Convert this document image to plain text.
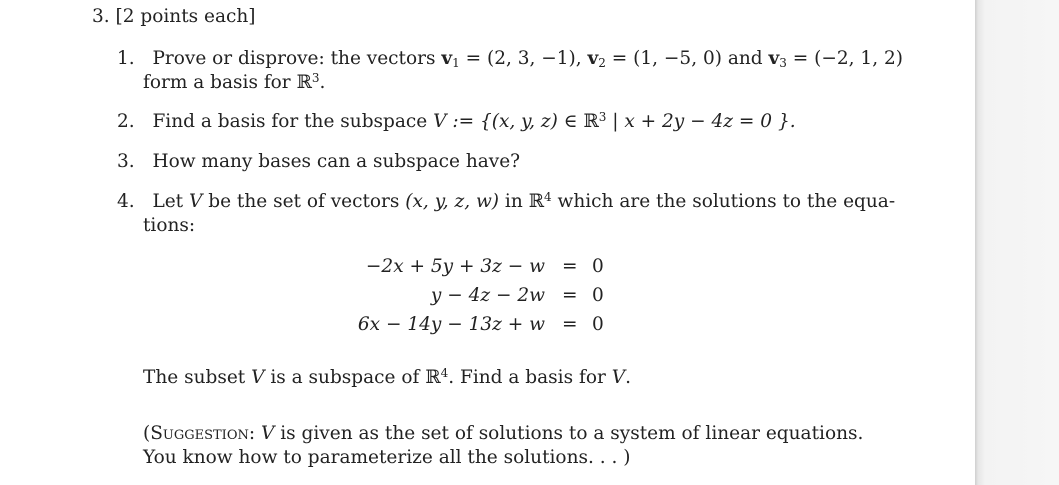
3. [2 points each]
1. Prove or disprove: the vectors $v_1 = (2$, 3, −1), $v_2 = (1$, −5, 0) and $v_3 = (-2$, 1, 2)
form a basis for ℝ$^3$.
2. Find a basis for the subspace V := {(x, y, z) ∈ ℝ$^3$ | x + 2y − 4z = 0 }.
3. How many bases can a subspace have?
4. Let V be the set of vectors (x, y, z, w) in ℝ$^4$ which are the solutions to the equa-
tions:
−2x + 5y + 3z − w = 0
y − 4z − 2w = 0
6x − 14y − 13z + w = 0
The subset V is a subspace of ℝ$^4$. Find a basis for V.
(Suggestion: V is given as the set of solutions to a system of linear equations.
You know how to parameterize all the solutions. . . )
